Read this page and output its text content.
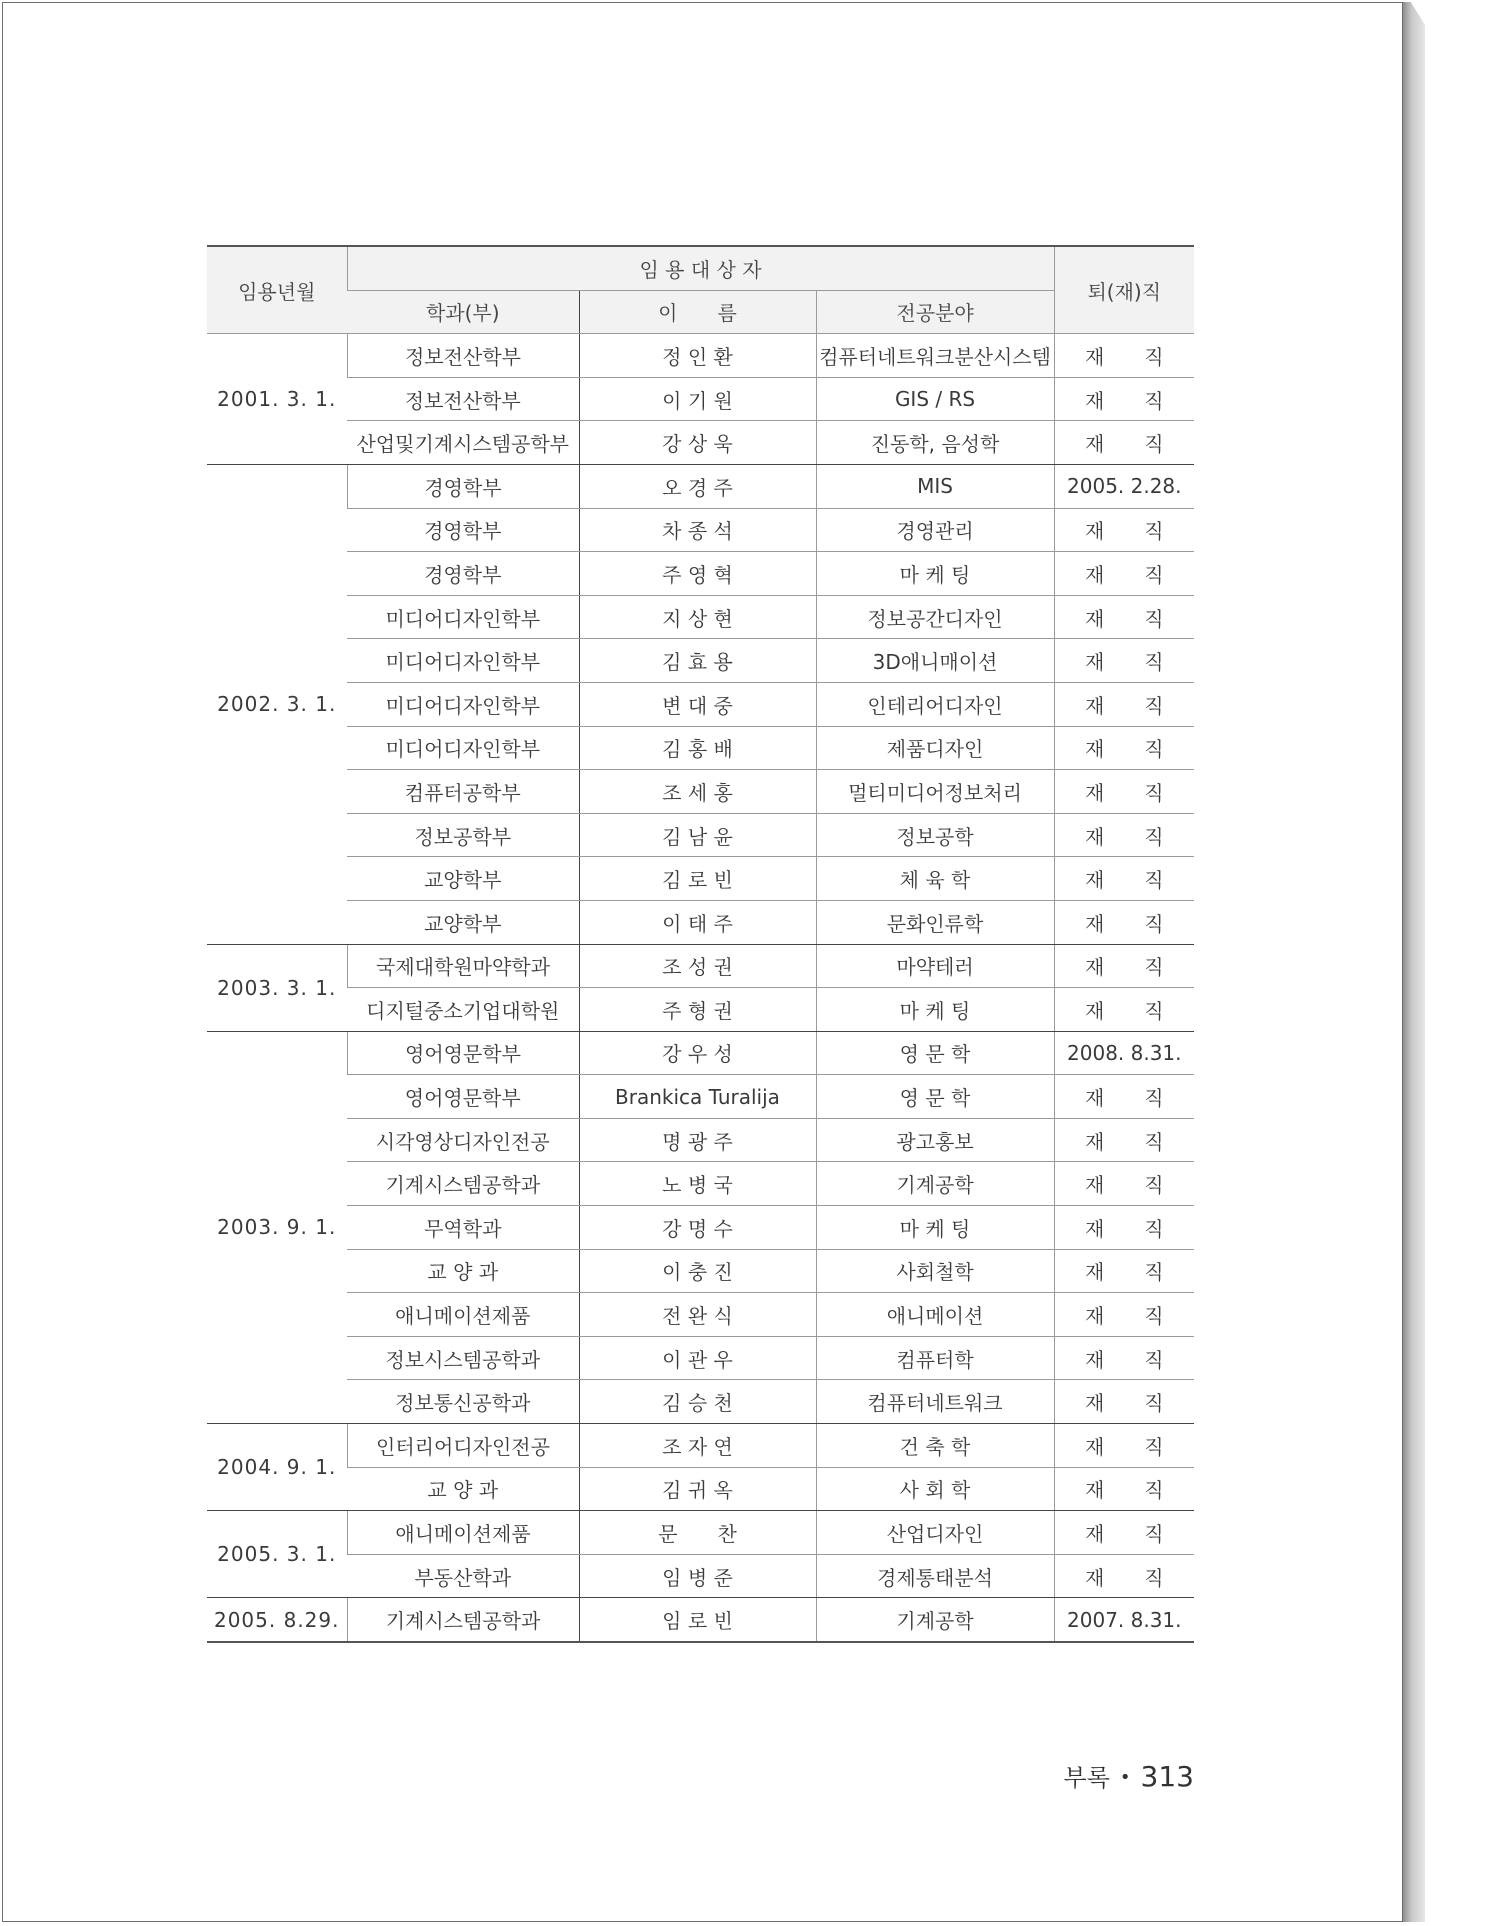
임용년월	임 용 대 상 자			퇴(재)직
	학과(부)	이　　름	전공분야	
2001. 3. 1.	정보전산학부	정 인 환	컴퓨터네트워크분산시스템	재　　직
	정보전산학부	이 기 원	GIS / RS	재　　직
	산업및기계시스템공학부	강 상 욱	진동학, 음성학	재　　직
2002. 3. 1.	경영학부	오 경 주	MIS	2005. 2.28.
	경영학부	차 종 석	경영관리	재　　직
	경영학부	주 영 혁	마 케 팅	재　　직
	미디어디자인학부	지 상 현	정보공간디자인	재　　직
	미디어디자인학부	김 효 용	3D애니매이션	재　　직
	미디어디자인학부	변 대 중	인테리어디자인	재　　직
	미디어디자인학부	김 홍 배	제품디자인	재　　직
	컴퓨터공학부	조 세 홍	멀티미디어정보처리	재　　직
	정보공학부	김 남 윤	정보공학	재　　직
	교양학부	김 로 빈	체 육 학	재　　직
	교양학부	이 태 주	문화인류학	재　　직
2003. 3. 1.	국제대학원마약학과	조 성 권	마약테러	재　　직
	디지털중소기업대학원	주 형 권	마 케 팅	재　　직
2003. 9. 1.	영어영문학부	강 우 성	영 문 학	2008. 8.31.
	영어영문학부	Brankica Turalija	영 문 학	재　　직
	시각영상디자인전공	명 광 주	광고홍보	재　　직
	기계시스템공학과	노 병 국	기계공학	재　　직
	무역학과	강 명 수	마 케 팅	재　　직
	교 양 과	이 충 진	사회철학	재　　직
	애니메이션제품	전 완 식	애니메이션	재　　직
	정보시스템공학과	이 관 우	컴퓨터학	재　　직
	정보통신공학과	김 승 천	컴퓨터네트워크	재　　직
2004. 9. 1.	인터리어디자인전공	조 자 연	건 축 학	재　　직
	교 양 과	김 귀 옥	사 회 학	재　　직
2005. 3. 1.	애니메이션제품	문　　찬	산업디자인	재　　직
	부동산학과	임 병 준	경제통태분석	재　　직
2005. 8.29.	기계시스템공학과	임 로 빈	기계공학	2007. 8.31.
부록 • 313
